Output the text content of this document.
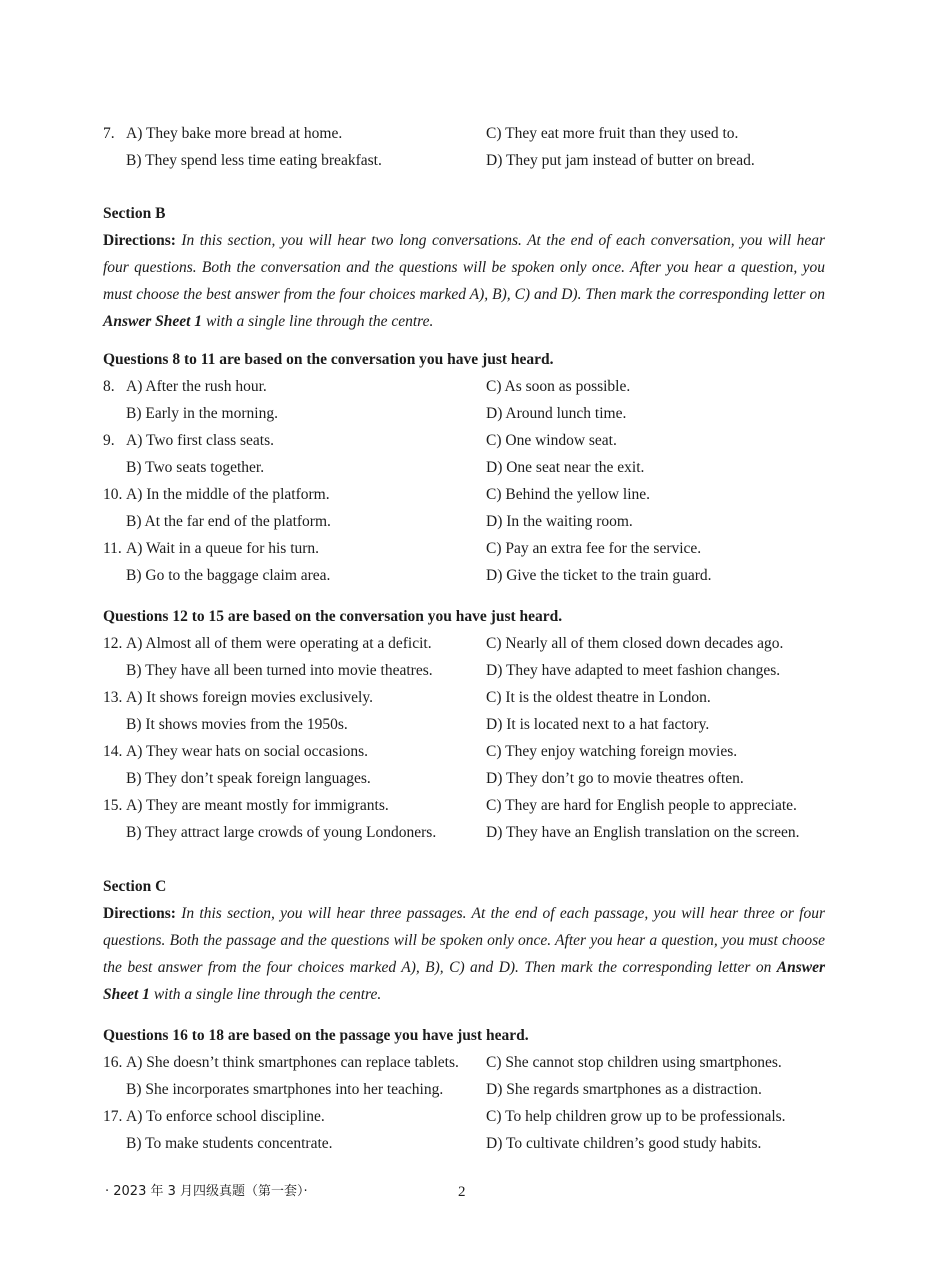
7. A) They bake more bread at home.	C) They eat more fruit than they used to.
B) They spend less time eating breakfast.	D) They put jam instead of butter on bread.
Section B
Directions: In this section, you will hear two long conversations. At the end of each conversation, you will hear four questions. Both the conversation and the questions will be spoken only once. After you hear a question, you must choose the best answer from the four choices marked A), B), C) and D). Then mark the corresponding letter on Answer Sheet 1 with a single line through the centre.
Questions 8 to 11 are based on the conversation you have just heard.
8. A) After the rush hour.	C) As soon as possible.
B) Early in the morning.	D) Around lunch time.
9. A) Two first class seats.	C) One window seat.
B) Two seats together.	D) One seat near the exit.
10. A) In the middle of the platform.	C) Behind the yellow line.
B) At the far end of the platform.	D) In the waiting room.
11. A) Wait in a queue for his turn.	C) Pay an extra fee for the service.
B) Go to the baggage claim area.	D) Give the ticket to the train guard.
Questions 12 to 15 are based on the conversation you have just heard.
12. A) Almost all of them were operating at a deficit.	C) Nearly all of them closed down decades ago.
B) They have all been turned into movie theatres.	D) They have adapted to meet fashion changes.
13. A) It shows foreign movies exclusively.	C) It is the oldest theatre in London.
B) It shows movies from the 1950s.	D) It is located next to a hat factory.
14. A) They wear hats on social occasions.	C) They enjoy watching foreign movies.
B) They don’t speak foreign languages.	D) They don’t go to movie theatres often.
15. A) They are meant mostly for immigrants.	C) They are hard for English people to appreciate.
B) They attract large crowds of young Londoners.	D) They have an English translation on the screen.
Section C
Directions: In this section, you will hear three passages. At the end of each passage, you will hear three or four questions. Both the passage and the questions will be spoken only once. After you hear a question, you must choose the best answer from the four choices marked A), B), C) and D). Then mark the corresponding letter on Answer Sheet 1 with a single line through the centre.
Questions 16 to 18 are based on the passage you have just heard.
16. A) She doesn’t think smartphones can replace tablets. C) She cannot stop children using smartphones.
B) She incorporates smartphones into her teaching.	D) She regards smartphones as a distraction.
17. A) To enforce school discipline.	C) To help children grow up to be professionals.
B) To make students concentrate.	D) To cultivate children’s good study habits.
· 2023 年 3 月四级真题（第一套）·	2
